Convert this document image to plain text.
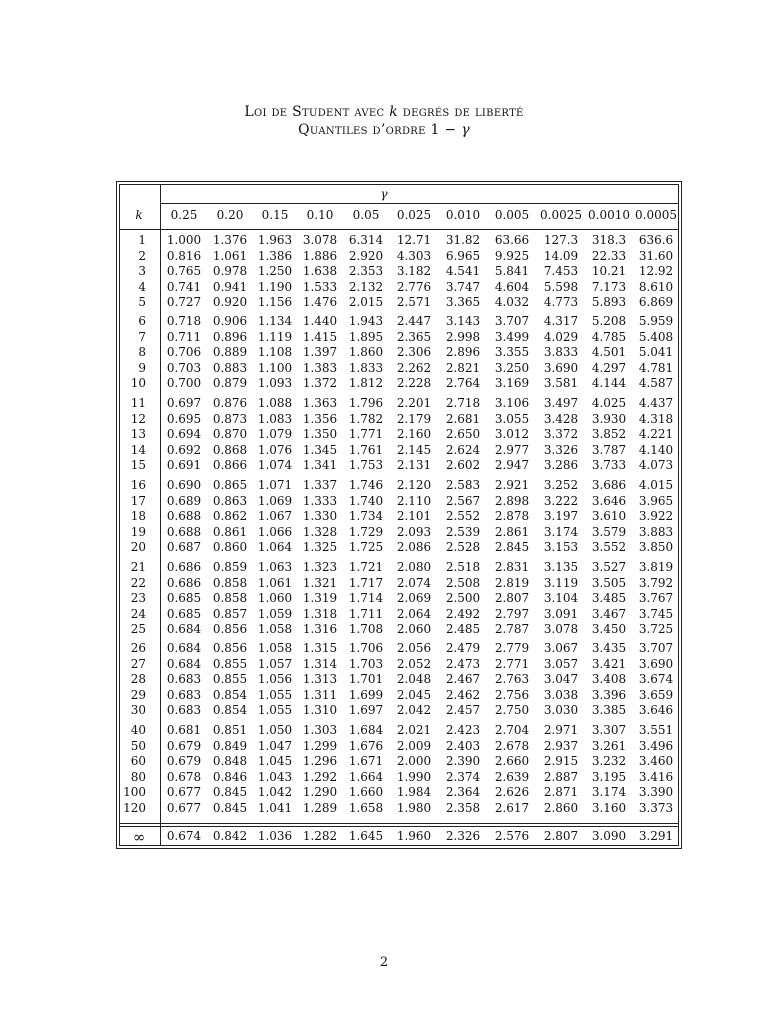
Loi de Student avec k degrés de liberté
Quantiles d’ordre 1 − γ
γ
k	0.25	0.20	0.15	0.10	0.05	0.025	0.010	0.005 0.0025 0.0010 0.0005
1	1.000 1.376 1.963 3.078 6.314	12.71	31.82	63.66	127.3	318.3	636.6
2	0.816 1.061 1.386 1.886 2.920	4.303	6.965	9.925	14.09	22.33	31.60
3	0.765 0.978 1.250 1.638 2.353	3.182	4.541	5.841	7.453	10.21	12.92
4	0.741 0.941 1.190 1.533 2.132	2.776	3.747	4.604	5.598	7.173	8.610
5	0.727 0.920 1.156 1.476 2.015	2.571	3.365	4.032	4.773	5.893	6.869
6	0.718 0.906 1.134 1.440 1.943	2.447	3.143	3.707	4.317	5.208	5.959
7	0.711 0.896 1.119 1.415 1.895	2.365	2.998	3.499	4.029	4.785	5.408
8	0.706 0.889 1.108 1.397 1.860	2.306	2.896	3.355	3.833	4.501	5.041
9	0.703 0.883 1.100 1.383 1.833	2.262	2.821	3.250	3.690	4.297	4.781
10	0.700 0.879 1.093 1.372 1.812	2.228	2.764	3.169	3.581	4.144	4.587
11	0.697 0.876 1.088 1.363 1.796	2.201	2.718	3.106	3.497	4.025	4.437
12	0.695 0.873 1.083 1.356 1.782	2.179	2.681	3.055	3.428	3.930	4.318
13	0.694 0.870 1.079 1.350 1.771	2.160	2.650	3.012	3.372	3.852	4.221
14	0.692 0.868 1.076 1.345 1.761	2.145	2.624	2.977	3.326	3.787	4.140
15	0.691 0.866 1.074 1.341 1.753	2.131	2.602	2.947	3.286	3.733	4.073
16	0.690 0.865 1.071 1.337 1.746	2.120	2.583	2.921	3.252	3.686	4.015
17	0.689 0.863 1.069 1.333 1.740	2.110	2.567	2.898	3.222	3.646	3.965
18	0.688 0.862 1.067 1.330 1.734	2.101	2.552	2.878	3.197	3.610	3.922
19	0.688 0.861 1.066 1.328 1.729	2.093	2.539	2.861	3.174	3.579	3.883
20	0.687 0.860 1.064 1.325 1.725	2.086	2.528	2.845	3.153	3.552	3.850
21	0.686 0.859 1.063 1.323 1.721	2.080	2.518	2.831	3.135	3.527	3.819
22	0.686 0.858 1.061 1.321 1.717	2.074	2.508	2.819	3.119	3.505	3.792
23	0.685 0.858 1.060 1.319 1.714	2.069	2.500	2.807	3.104	3.485	3.767
24	0.685 0.857 1.059 1.318 1.711	2.064	2.492	2.797	3.091	3.467	3.745
25	0.684 0.856 1.058 1.316 1.708	2.060	2.485	2.787	3.078	3.450	3.725
26	0.684 0.856 1.058 1.315 1.706	2.056	2.479	2.779	3.067	3.435	3.707
27	0.684 0.855 1.057 1.314 1.703	2.052	2.473	2.771	3.057	3.421	3.690
28	0.683 0.855 1.056 1.313 1.701	2.048	2.467	2.763	3.047	3.408	3.674
29	0.683 0.854 1.055 1.311 1.699	2.045	2.462	2.756	3.038	3.396	3.659
30	0.683 0.854 1.055 1.310 1.697	2.042	2.457	2.750	3.030	3.385	3.646
40	0.681 0.851 1.050 1.303 1.684	2.021	2.423	2.704	2.971	3.307	3.551
50	0.679 0.849 1.047 1.299 1.676	2.009	2.403	2.678	2.937	3.261	3.496
60	0.679 0.848 1.045 1.296 1.671	2.000	2.390	2.660	2.915	3.232	3.460
80	0.678 0.846 1.043 1.292 1.664	1.990	2.374	2.639	2.887	3.195	3.416
100	0.677 0.845 1.042 1.290 1.660	1.984	2.364	2.626	2.871	3.174	3.390
120	0.677 0.845 1.041 1.289 1.658	1.980	2.358	2.617	2.860	3.160	3.373
∞	0.674 0.842 1.036 1.282 1.645	1.960	2.326	2.576	2.807	3.090	3.291
2
